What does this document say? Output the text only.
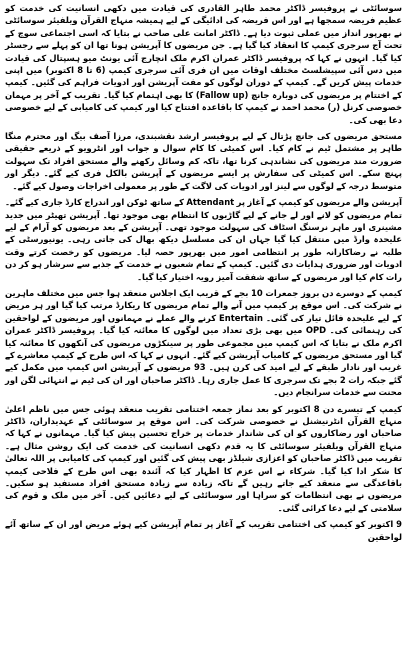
سوسائٹی نے پروفیسر ڈاکٹر محمد طاہر القادری کی قیادت میں دکھی انسانیت کی خدمت کو عظیم فریضہ سمجھا ہے اور اس فریضہ کی ادائیگی کے لیے ہمیشہ منہاج القرآن ویلفیئر سوسائٹی نے بھرپور انداز میں عملی ثبوت دیا ہے۔ ڈاکٹر امانت علی صاحب نے بتایا کہ اسی اجتماعی سوچ کے تحت آج سرجری کیمپ کا انعقاد کیا گیا ہے۔ جن مریضوں کا آپریشن ہونا تھا ان کو پہلے سے رجسٹر کیا گیا۔ انہوں نے کہا کہ پروفیسر ڈاکٹر عمران اکرم ملک انچارج آئی یونٹ میو ہسپتال کی قیادت میں دس آئی سپیشلسٹ مختلف اوقات میں ان فری آئی سرجری کیمپ (6 تا 8 اکتوبر) میں اپنی خدمات پیش کریں گے۔ کیمپ کے دوران لوگوں کو مفت آپریشن اور ادویات فراہم کی گئیں۔ کیمپ کے اختتام پر مریضوں کی دوبارہ جانچ (Fallow up) کا بھی اہتمام کیا گیا۔ تقریب کے آخر پر مہمان خصوصی کرنل (ر) محمد احمد نے کیمپ کا باقاعدہ افتتاح کیا اور کیمپ کی کامیابی کے لیے خصوصی دعا بھی کی۔

مستحق مریضوں کی جانچ پڑتال کے لیے پروفیسر ارشد نقشبندی، مرزا آصف بیگ اور محترم منگا طاہر پر مشتمل ٹیم نے کام کیا۔ اس کمیٹی کا کام سوال و جواب اور انٹرویو کے ذریعے حقیقی ضرورت مند مریضوں کی نشاندہی کرنا تھا، تاکہ کم وسائل رکھنے والے مستحق افراد تک سہولت پہنچ سکے۔ اس کمیٹی کی سفارش پر ایسے مریضوں کے آپریشن بالکل فری کیے گئے۔ دیگر اور متوسط درجہ کے لوگوں سے لینز اور ادویات کی لاگت کے طور پر معمولی اخراجات وصول کیے گئے۔

آپریشن والے مریضوں کو کیمپ کے آغاز پر Attendant کے ساتھ ٹوکن اور اندراج کارڈ جاری کیے گئے۔ تمام مریضوں کو لانے اور لے جانے کے لیے گاڑیوں کا انتظام بھی موجود تھا۔ آپریشن تھیٹر میں جدید مشینری اور ماہر نرسنگ اسٹاف کی سہولت موجود تھی۔ آپریشن کے بعد مریضوں کو آرام کے لیے علیحدہ وارڈ میں منتقل کیا گیا جہاں ان کی مسلسل دیکھ بھال کی جاتی رہی۔ یونیورسٹی کے طلبہ نے رضاکارانہ طور پر انتظامی امور میں بھرپور حصہ لیا۔ مریضوں کو رخصت کرتے وقت ادویات اور ضروری ہدایات دی گئیں۔ کیمپ کے تمام شعبوں نے خدمت کے جذبے سے سرشار ہو کر دن رات کام کیا اور مریضوں کے ساتھ شفقت آمیز رویہ اختیار کیا گیا۔

کیمپ کے دوسرے دن بروز جمعرات 10 بجے کے قریب ایک اجلاس منعقد ہوا جس میں مختلف ماہرین نے شرکت کی۔ اس موقع پر کیمپ میں آنے والے تمام مریضوں کا ریکارڈ مرتب کیا گیا اور ہر مریض کے لیے علیحدہ فائل تیار کی گئی۔ Entertain کرنے والے عملے نے مہمانوں اور مریضوں کے لواحقین کی رہنمائی کی۔ OPD میں بھی بڑی تعداد میں لوگوں کا معائنہ کیا گیا۔ پروفیسر ڈاکٹر عمران اکرم ملک نے بتایا کہ اس کیمپ میں مجموعی طور پر سینکڑوں مریضوں کی آنکھوں کا معائنہ کیا گیا اور مستحق مریضوں کے کامیاب آپریشن کیے گئے۔ انہوں نے کہا کہ اس طرح کے کیمپ معاشرے کے غریب اور نادار طبقے کے لیے امید کی کرن ہیں۔ 93 مریضوں کے آپریشن اس کیمپ میں مکمل کیے گئے جبکہ رات 2 بجے تک سرجری کا عمل جاری رہا۔ ڈاکٹر صاحبان اور ان کی ٹیم نے انتہائی لگن اور محنت سے خدمات سرانجام دیں۔

کیمپ کے تیسرے دن 8 اکتوبر کو بعد نماز جمعہ اختتامی تقریب منعقد ہوئی جس میں ناظم اعلیٰ منہاج القرآن انٹرنیشنل نے خصوصی شرکت کی۔ اس موقع پر سوسائٹی کے عہدیداران، ڈاکٹر صاحبان اور رضاکاروں کو ان کی شاندار خدمات پر خراج تحسین پیش کیا گیا۔ مہمانوں نے کہا کہ منہاج القرآن ویلفیئر سوسائٹی کا یہ قدم دکھی انسانیت کی خدمت کی ایک روشن مثال ہے۔ تقریب میں ڈاکٹر صاحبان کو اعزازی شیلڈز بھی پیش کی گئیں اور کیمپ کی کامیابی پر اللہ تعالیٰ کا شکر ادا کیا گیا۔ شرکاء نے اس عزم کا اظہار کیا کہ آئندہ بھی اس طرح کے فلاحی کیمپ باقاعدگی سے منعقد کیے جاتے رہیں گے تاکہ زیادہ سے زیادہ مستحق افراد مستفید ہو سکیں۔ مریضوں نے بھی انتظامات کو سراہا اور سوسائٹی کے لیے دعائیں کیں۔ آخر میں ملک و قوم کی سلامتی کے لیے دعا کرائی گئی۔

9 اکتوبر کو کیمپ کی اختتامی تقریب کے آغاز پر تمام آپریشن کیے ہوئے مریض اور ان کے ساتھ آئے لواحقین
